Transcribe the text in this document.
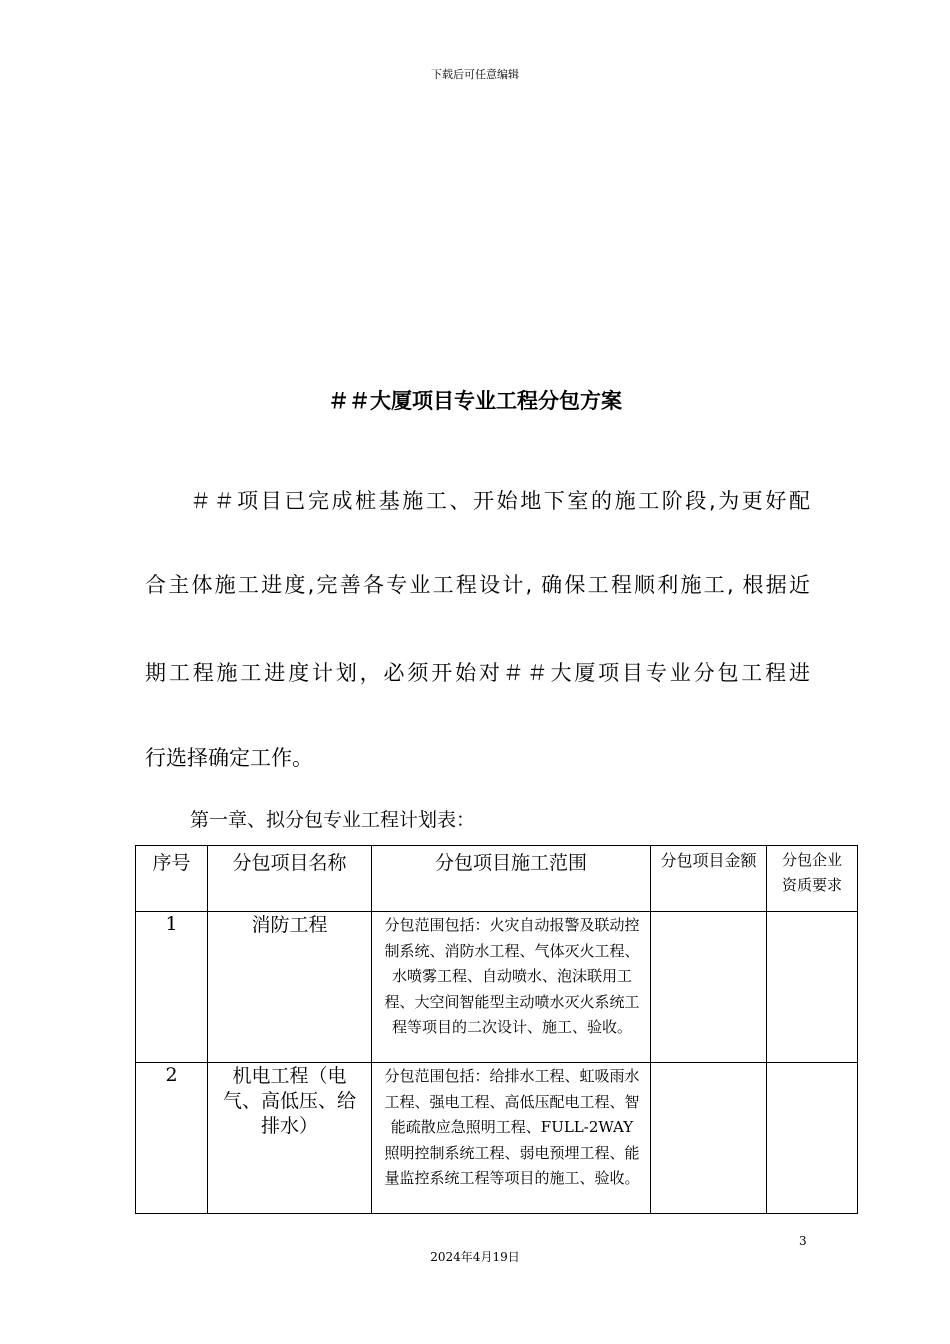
下载后可任意编辑
＃＃大厦项目专业工程分包方案
＃＃项目已完成桩基施工、开始地下室的施工阶段,为更好配
合主体施工进度,完善各专业工程设计, 确保工程顺利施工, 根据近
期工程施工进度计划，必须开始对＃＃大厦项目专业分包工程进
行选择确定工作。
第一章、拟分包专业工程计划表：
序号	分包项目名称	分包项目施工范围	分包项目金额	分包企业资质要求
1	消防工程	分包范围包括：火灾自动报警及联动控制系统、消防水工程、气体灭火工程、水喷雾工程、自动喷水、泡沫联用工程、大空间智能型主动喷水灭火系统工程等项目的二次设计、施工、验收。		
2	机电工程（电气、高低压、给排水）	分包范围包括：给排水工程、虹吸雨水工程、强电工程、高低压配电工程、智能疏散应急照明工程、FULL-2WAY照明控制系统工程、弱电预埋工程、能量监控系统工程等项目的施工、验收。		
3
2024年4月19日
